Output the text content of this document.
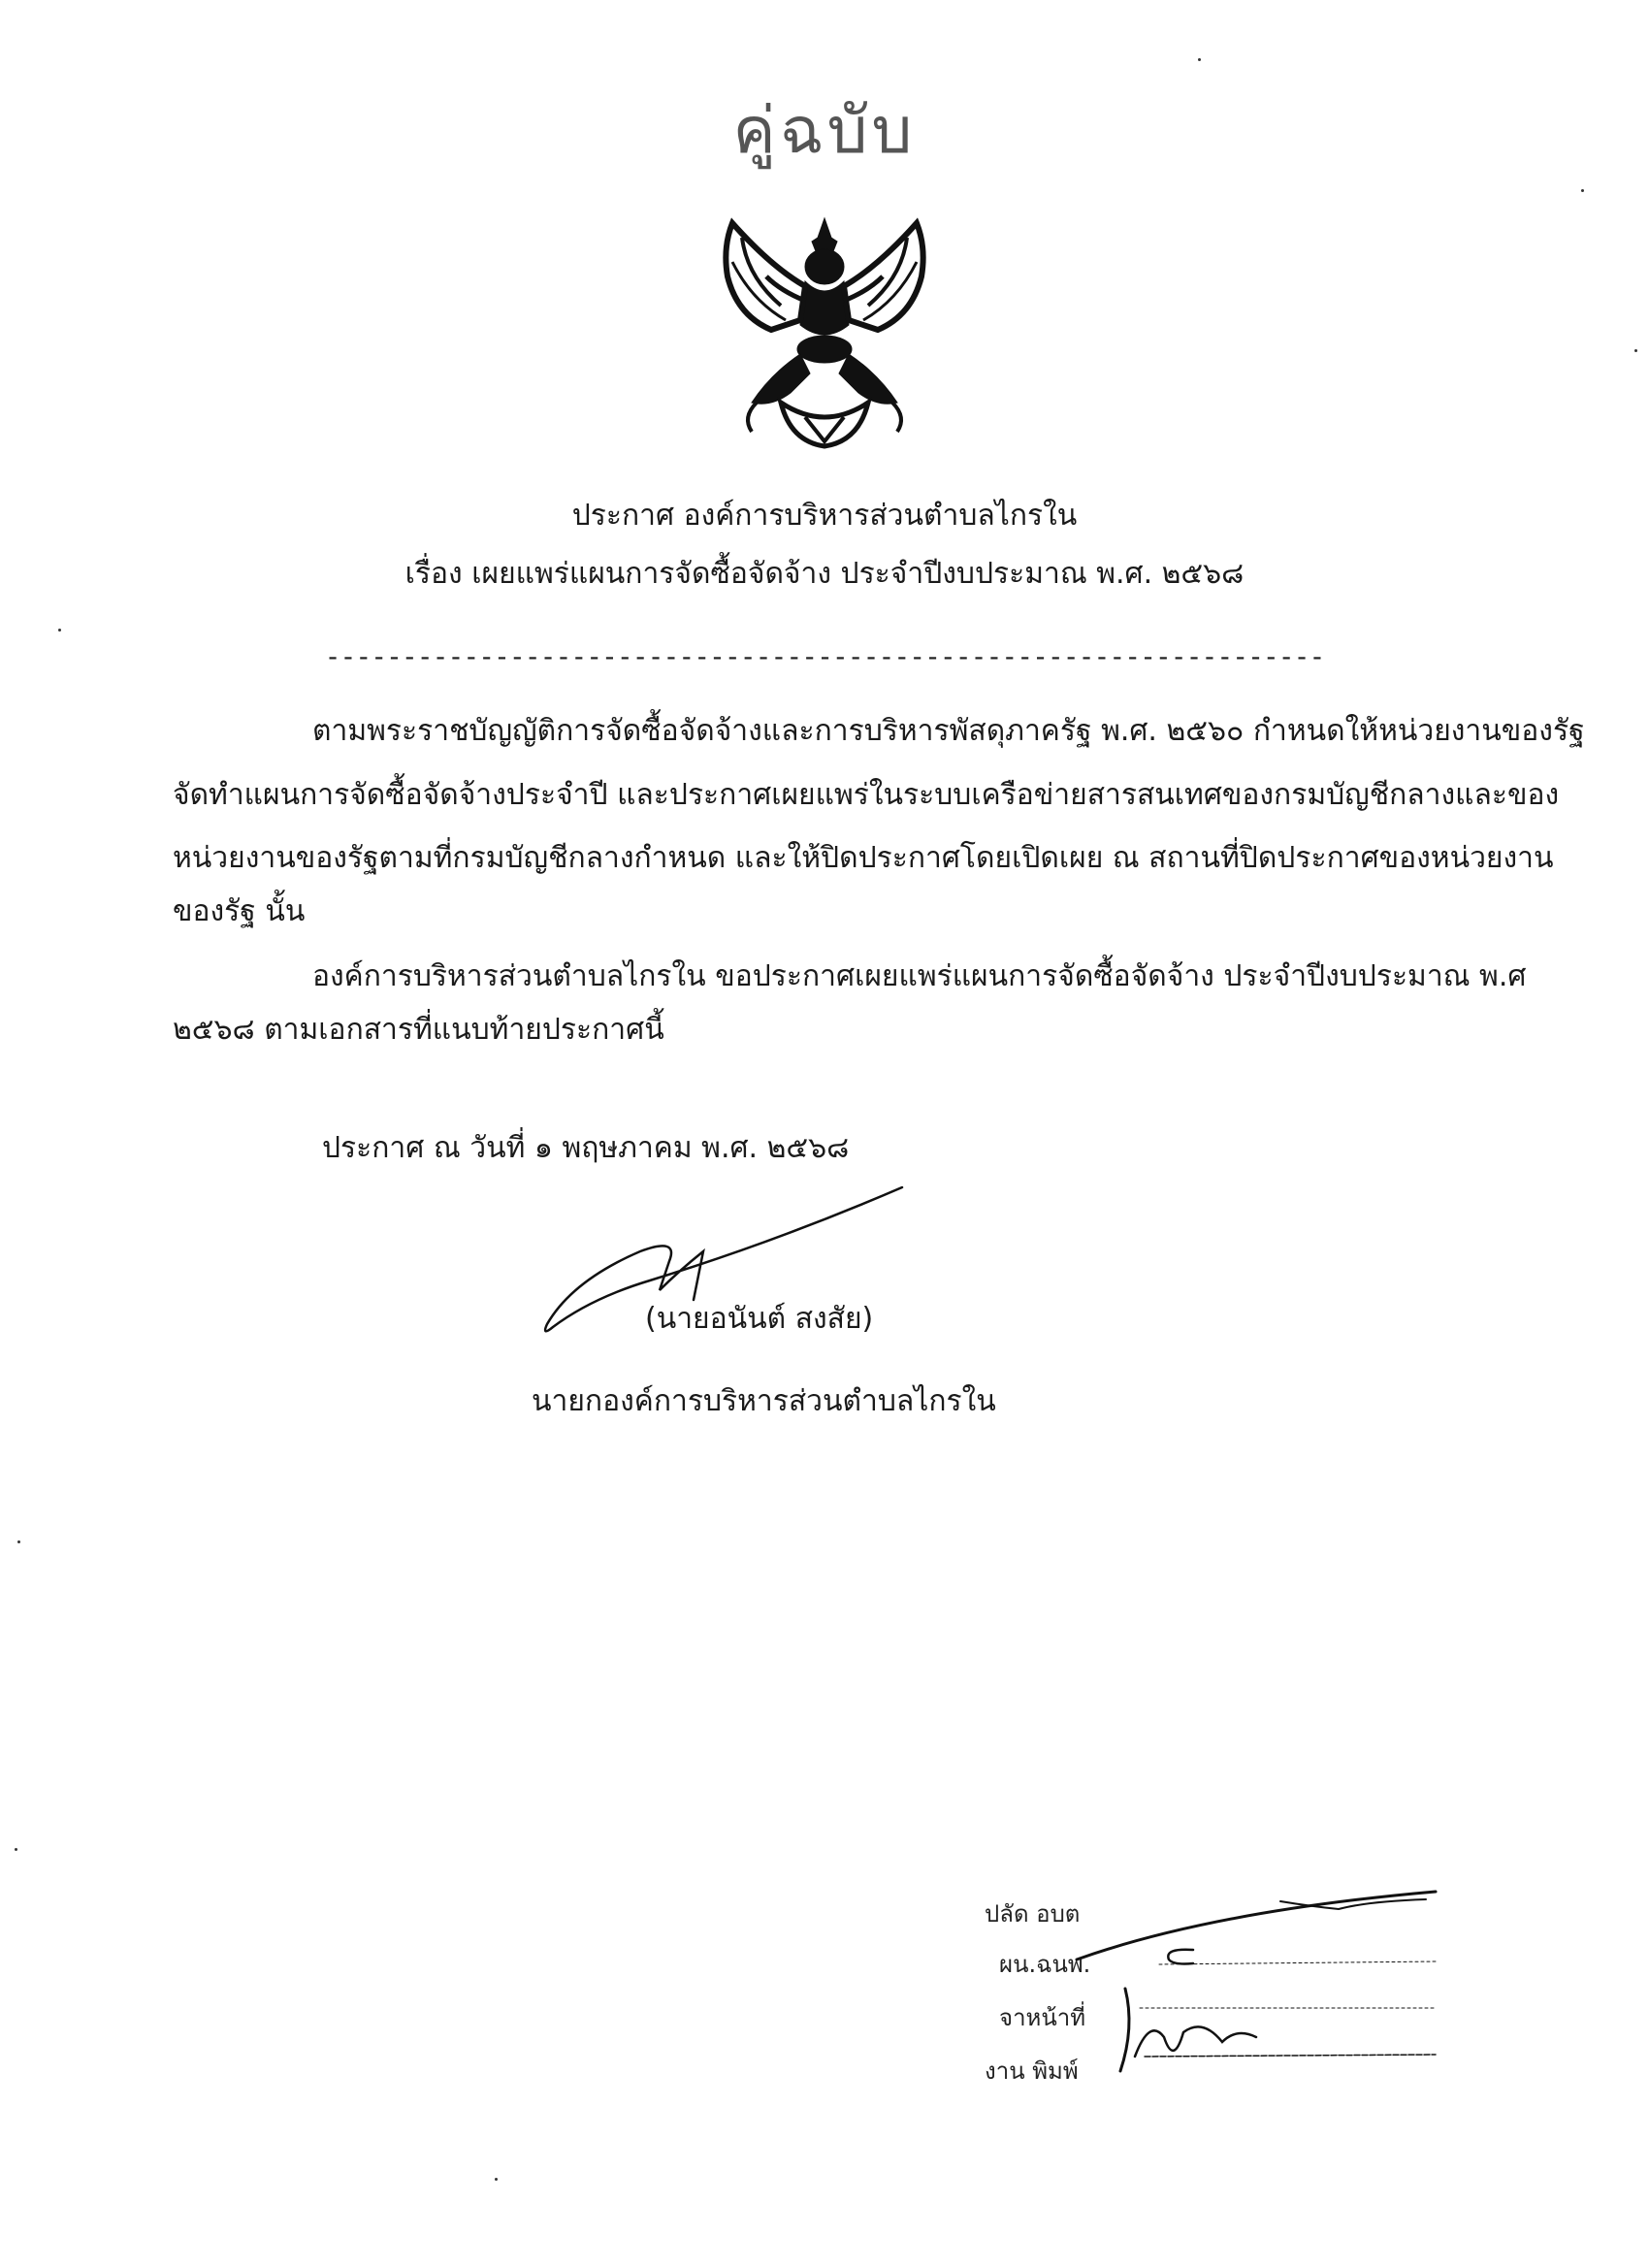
คู่ฉบับ
ประกาศ องค์การบริหารส่วนตำบลไกรใน
เรื่อง เผยแพร่แผนการจัดซื้อจัดจ้าง ประจำปีงบประมาณ พ.ศ. ๒๕๖๘
-----------------------------------------------------------------
ตามพระราชบัญญัติการจัดซื้อจัดจ้างและการบริหารพัสดุภาครัฐ พ.ศ. ๒๕๖๐ กำหนดให้หน่วยงานของรัฐ
จัดทำแผนการจัดซื้อจัดจ้างประจำปี และประกาศเผยแพร่ในระบบเครือข่ายสารสนเทศของกรมบัญชีกลางและของ
หน่วยงานของรัฐตามที่กรมบัญชีกลางกำหนด และให้ปิดประกาศโดยเปิดเผย ณ สถานที่ปิดประกาศของหน่วยงาน
ของรัฐ นั้น
องค์การบริหารส่วนตำบลไกรใน ขอประกาศเผยแพร่แผนการจัดซื้อจัดจ้าง ประจำปีงบประมาณ พ.ศ
๒๕๖๘ ตามเอกสารที่แนบท้ายประกาศนี้
ประกาศ ณ วันที่ ๑ พฤษภาคม พ.ศ. ๒๕๖๘
(นายอนันต์ สงสัย)
นายกองค์การบริหารส่วนตำบลไกรใน
ปลัด อบต
ผน.ฉนพ.
จาหน้าที่
งาน พิมพ์
